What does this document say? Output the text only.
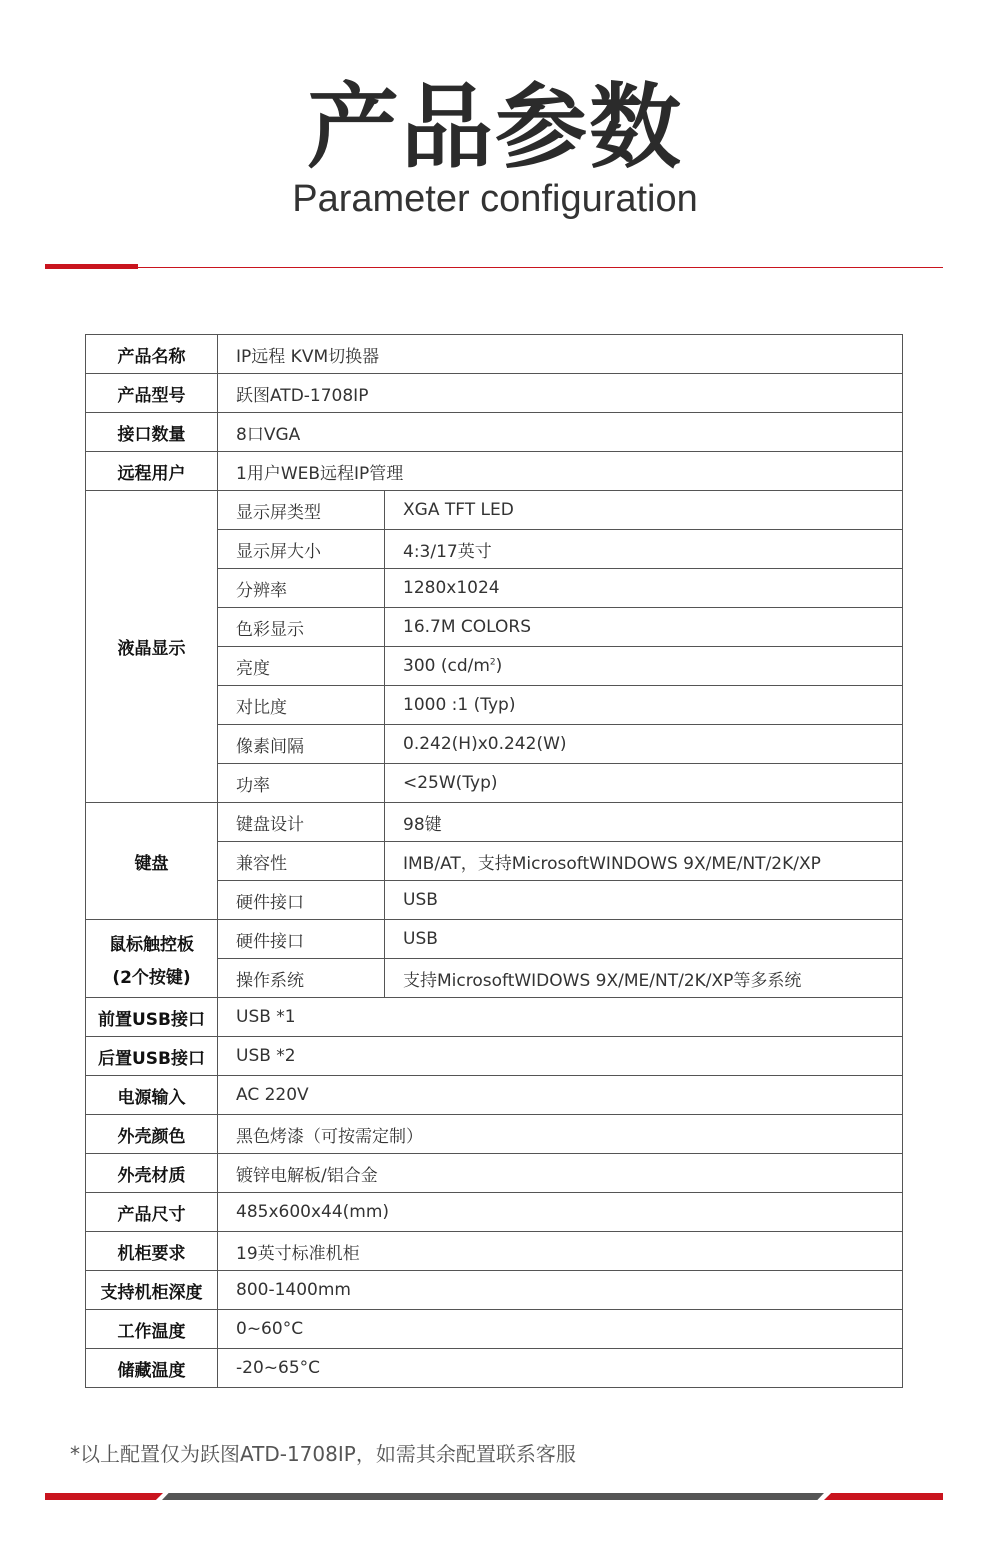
产品参数
Parameter configuration
产品名称	IP远程 KVM切换器	
产品型号	跃图ATD-1708IP	
接口数量	8口VGA	
远程用户	1用户WEB远程IP管理	
液晶显示	显示屏类型	XGA TFT LED
	显示屏大小	4:3/17英寸
	分辨率	1280x1024
	色彩显示	16.7M COLORS
	亮度	300 $(cd/m^2)$
	对比度	1000 :1 (Typ)
	像素间隔	0.242(H)x0.242(W)
	功率	<25W(Typ)
键盘	键盘设计	98键
	兼容性	IMB/AT，支持MicrosoftWINDOWS 9X/ME/NT/2K/XP
	硬件接口	USB
鼠标触控板
(2个按键)	硬件接口	USB
	操作系统	支持MicrosoftWIDOWS 9X/ME/NT/2K/XP等多系统
前置USB接口	USB *1	
后置USB接口	USB *2	
电源输入	AC 220V	
外壳颜色	黑色烤漆（可按需定制）	
外壳材质	镀锌电解板/铝合金	
产品尺寸	485x600x44(mm)	
机柜要求	19英寸标准机柜	
支持机柜深度	800-1400mm	
工作温度	0~60°C	
储藏温度	-20~65°C	
*以上配置仅为跃图ATD-1708IP，如需其余配置联系客服
